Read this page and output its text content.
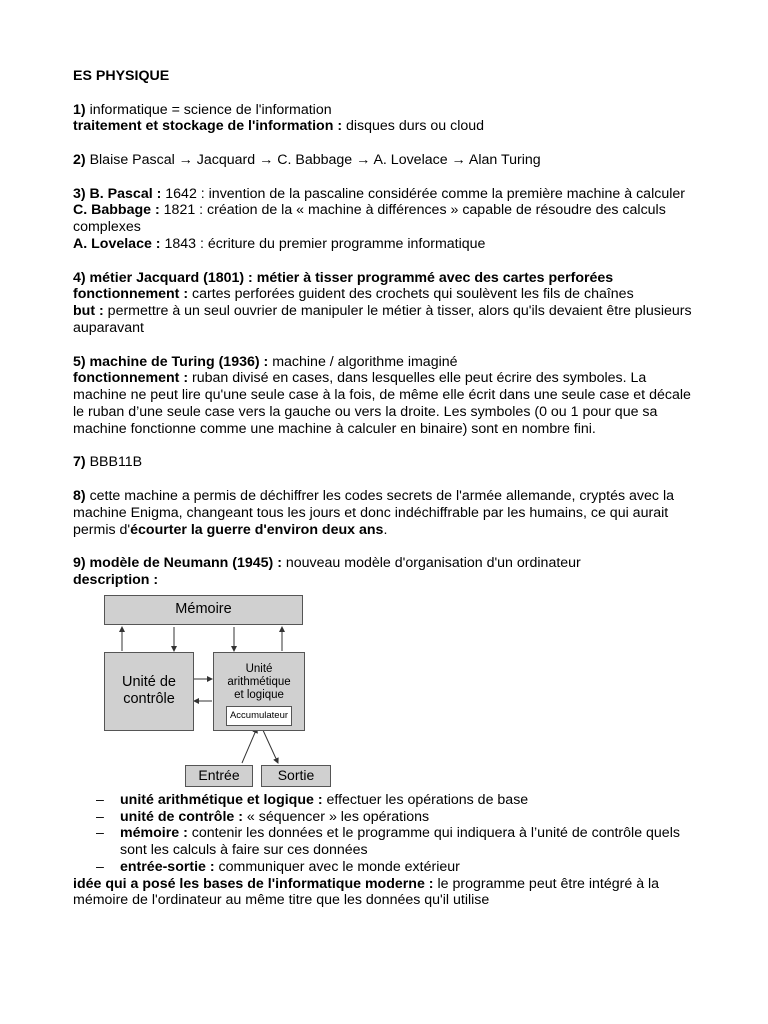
ES PHYSIQUE

1) informatique = science de l'information

traitement et stockage de l'information : disques durs ou cloud

2) Blaise Pascal → Jacquard → C. Babbage → A. Lovelace → Alan Turing

3) B. Pascal : 1642 : invention de la pascaline considérée comme la première machine à calculer

C. Babbage : 1821 : création de la « machine à différences » capable de résoudre des calculs complexes

A. Lovelace : 1843 : écriture du premier programme informatique

4) métier Jacquard (1801) : métier à tisser programmé avec des cartes perforées

fonctionnement : cartes perforées guident des crochets qui soulèvent les fils de chaînes

but : permettre à un seul ouvrier de manipuler le métier à tisser, alors qu'ils devaient être plusieurs auparavant

5) machine de Turing (1936) : machine / algorithme imaginé

fonctionnement : ruban divisé en cases, dans lesquelles elle peut écrire des symboles. La machine ne peut lire qu'une seule case à la fois, de même elle écrit dans une seule case et décale le ruban d’une seule case vers la gauche ou vers la droite. Les symboles (0 ou 1 pour que sa machine fonctionne comme une machine à calculer en binaire) sont en nombre fini.

7) BBB11B

8) cette machine a permis de déchiffrer les codes secrets de l'armée allemande, cryptés avec la machine Enigma, changeant tous les jours et donc indéchiffrable par les humains, ce qui aurait permis d'écourter la guerre d'environ deux ans.

9) modèle de Neumann (1945) : nouveau modèle d'organisation d'un ordinateur

description :

Mémoire
Unité de contrôle
Unité
arithmétique
et logique
Accumulateur
Entrée	Sortie
– unité arithmétique et logique : effectuer les opérations de base
– unité de contrôle : « séquencer » les opérations
– mémoire : contenir les données et le programme qui indiquera à l’unité de contrôle quels sont les calculs à faire sur ces données
– entrée-sortie : communiquer avec le monde extérieur

idée qui a posé les bases de l'informatique moderne : le programme peut être intégré à la mémoire de l'ordinateur au même titre que les données qu'il utilise
